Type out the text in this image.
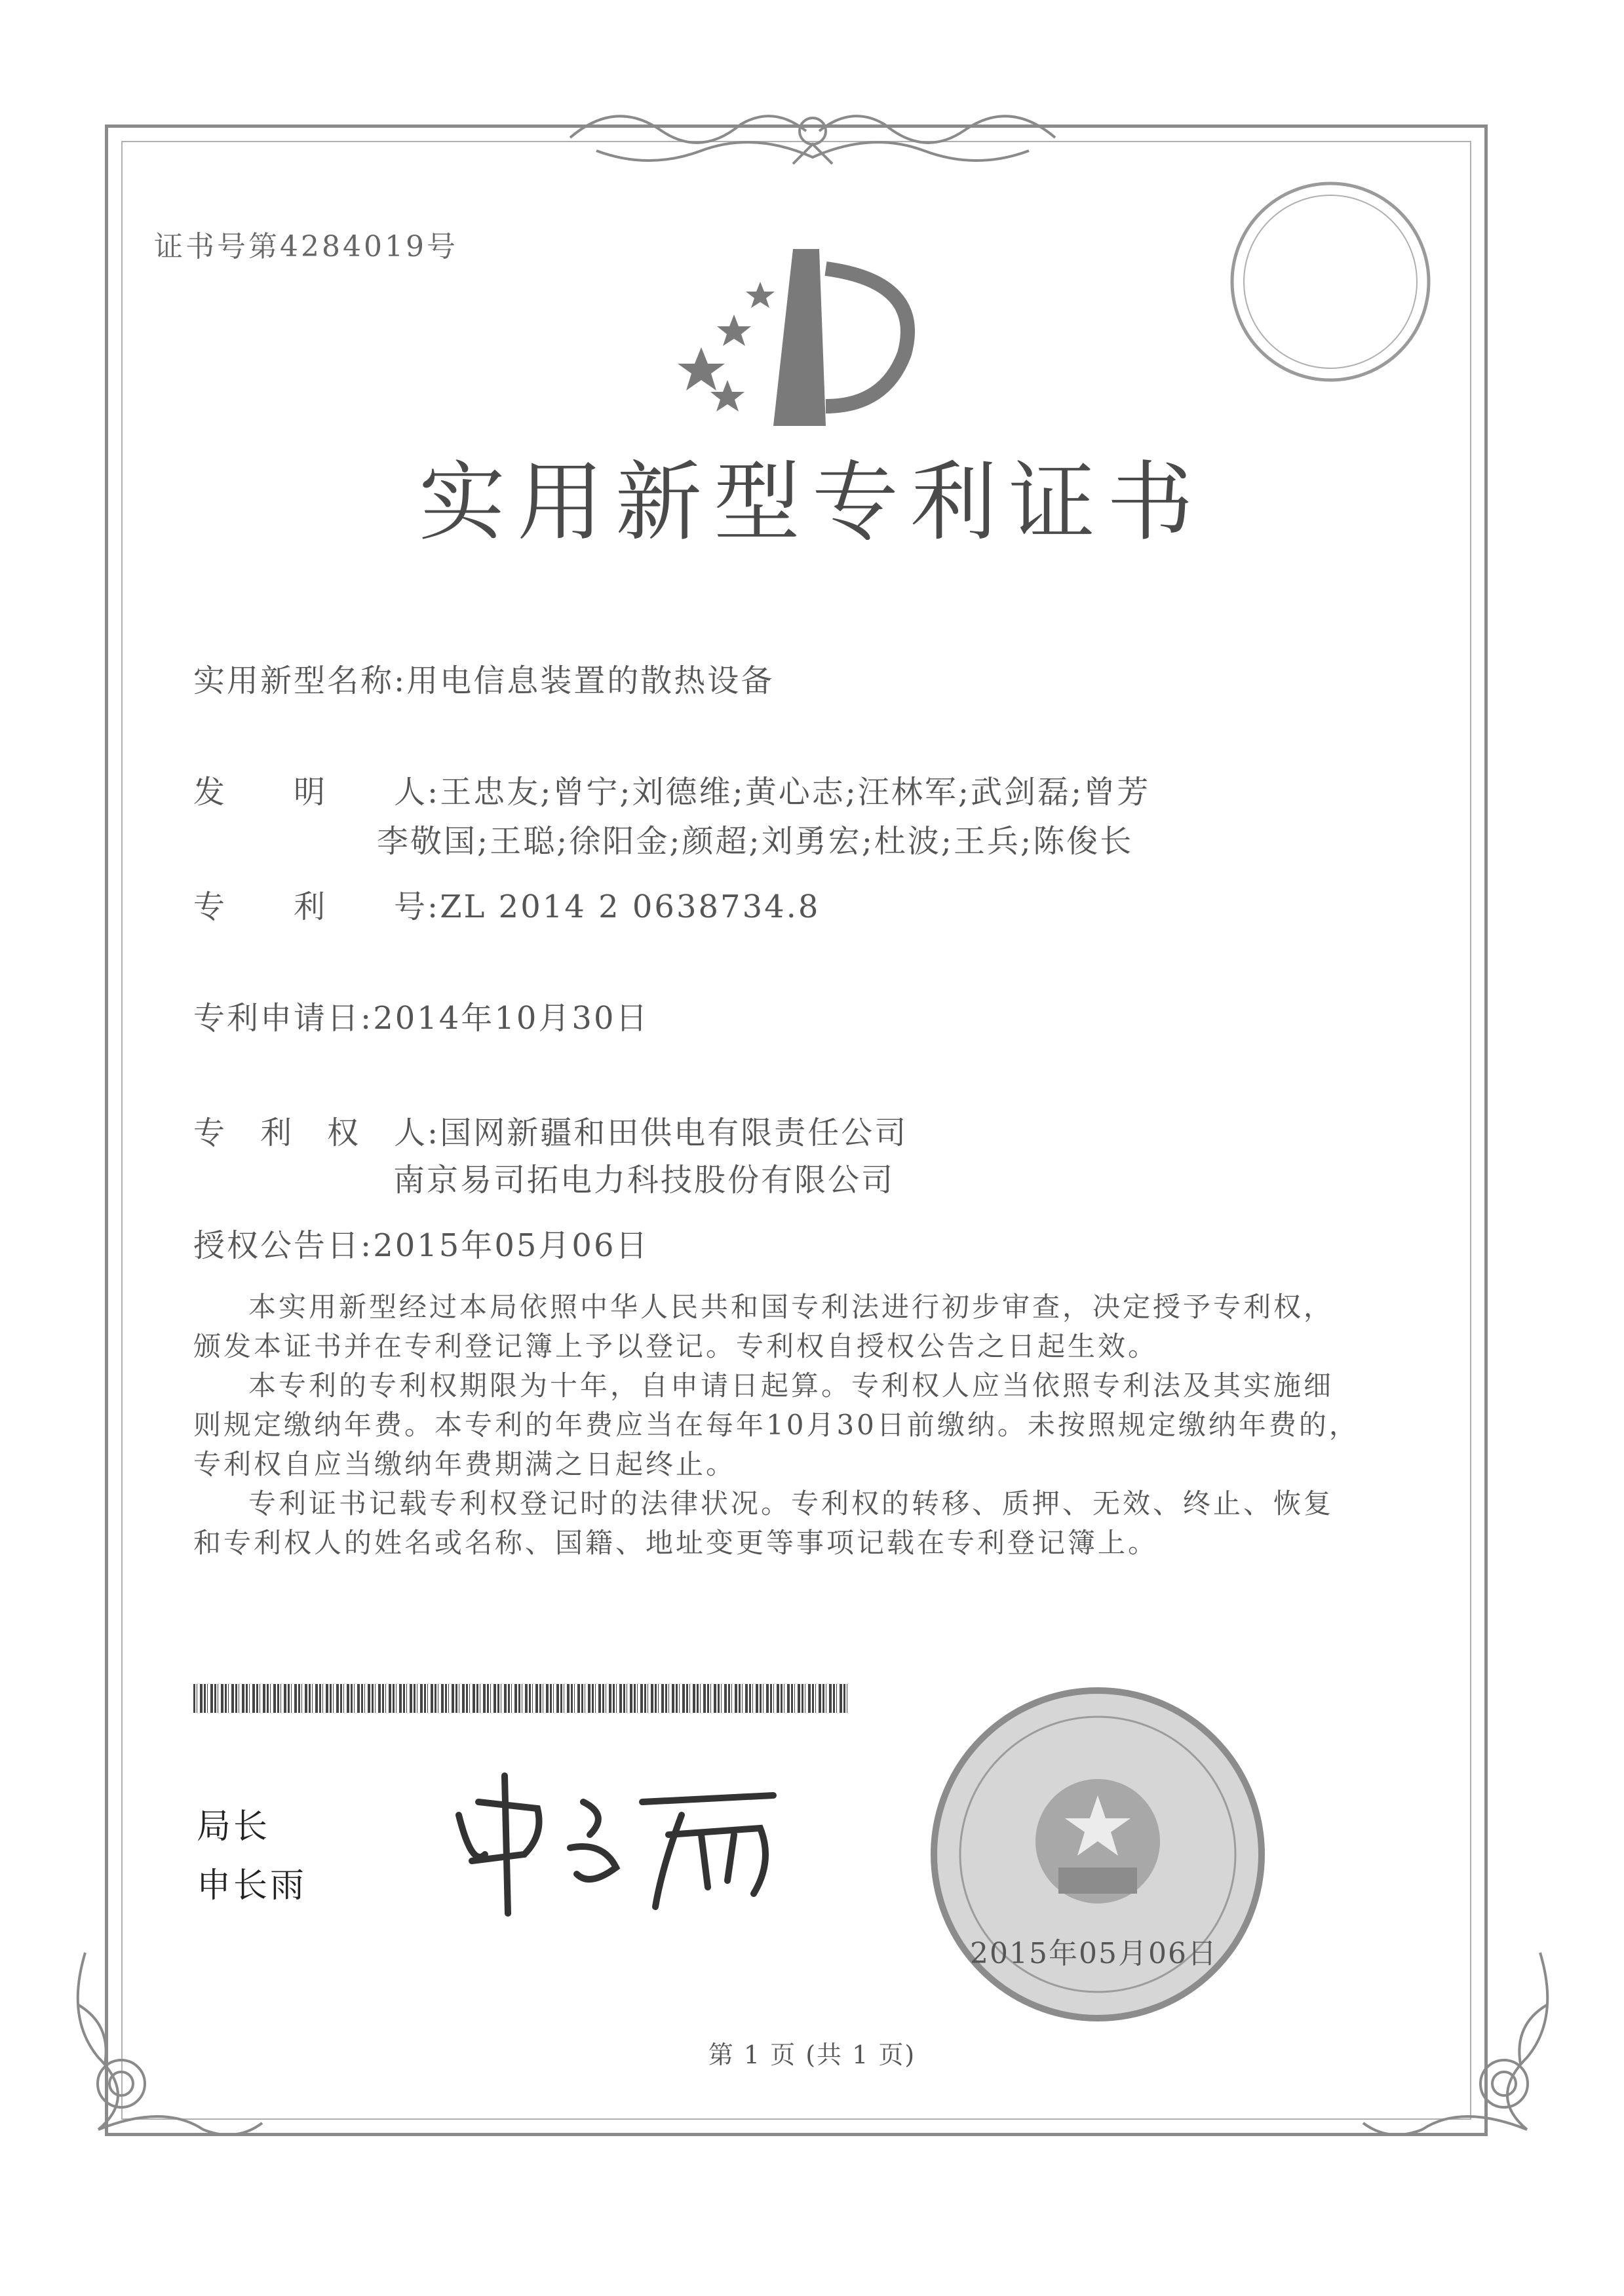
证书号第4284019号
实用新型专利证书
实用新型名称:用电信息装置的散热设备
发　　明　　人:王忠友;曾宁;刘德维;黄心志;汪林军;武剑磊;曾芳
李敬国;王聪;徐阳金;颜超;刘勇宏;杜波;王兵;陈俊长
专　　利　　号:ZL 2014 2 0638734.8
专利申请日:2014年10月30日
专　利　权　人:国网新疆和田供电有限责任公司
南京易司拓电力科技股份有限公司
授权公告日:2015年05月06日

本实用新型经过本局依照中华人民共和国专利法进行初步审查，决定授予专利权，颁发本证书并在专利登记簿上予以登记。专利权自授权公告之日起生效。

本专利的专利权期限为十年，自申请日起算。专利权人应当依照专利法及其实施细则规定缴纳年费。本专利的年费应当在每年10月30日前缴纳。未按照规定缴纳年费的，专利权自应当缴纳年费期满之日起终止。

专利证书记载专利权登记时的法律状况。专利权的转移、质押、无效、终止、恢复和专利权人的姓名或名称、国籍、地址变更等事项记载在专利登记簿上。

局长
申长雨
2015年05月06日
第 1 页 (共 1 页)
